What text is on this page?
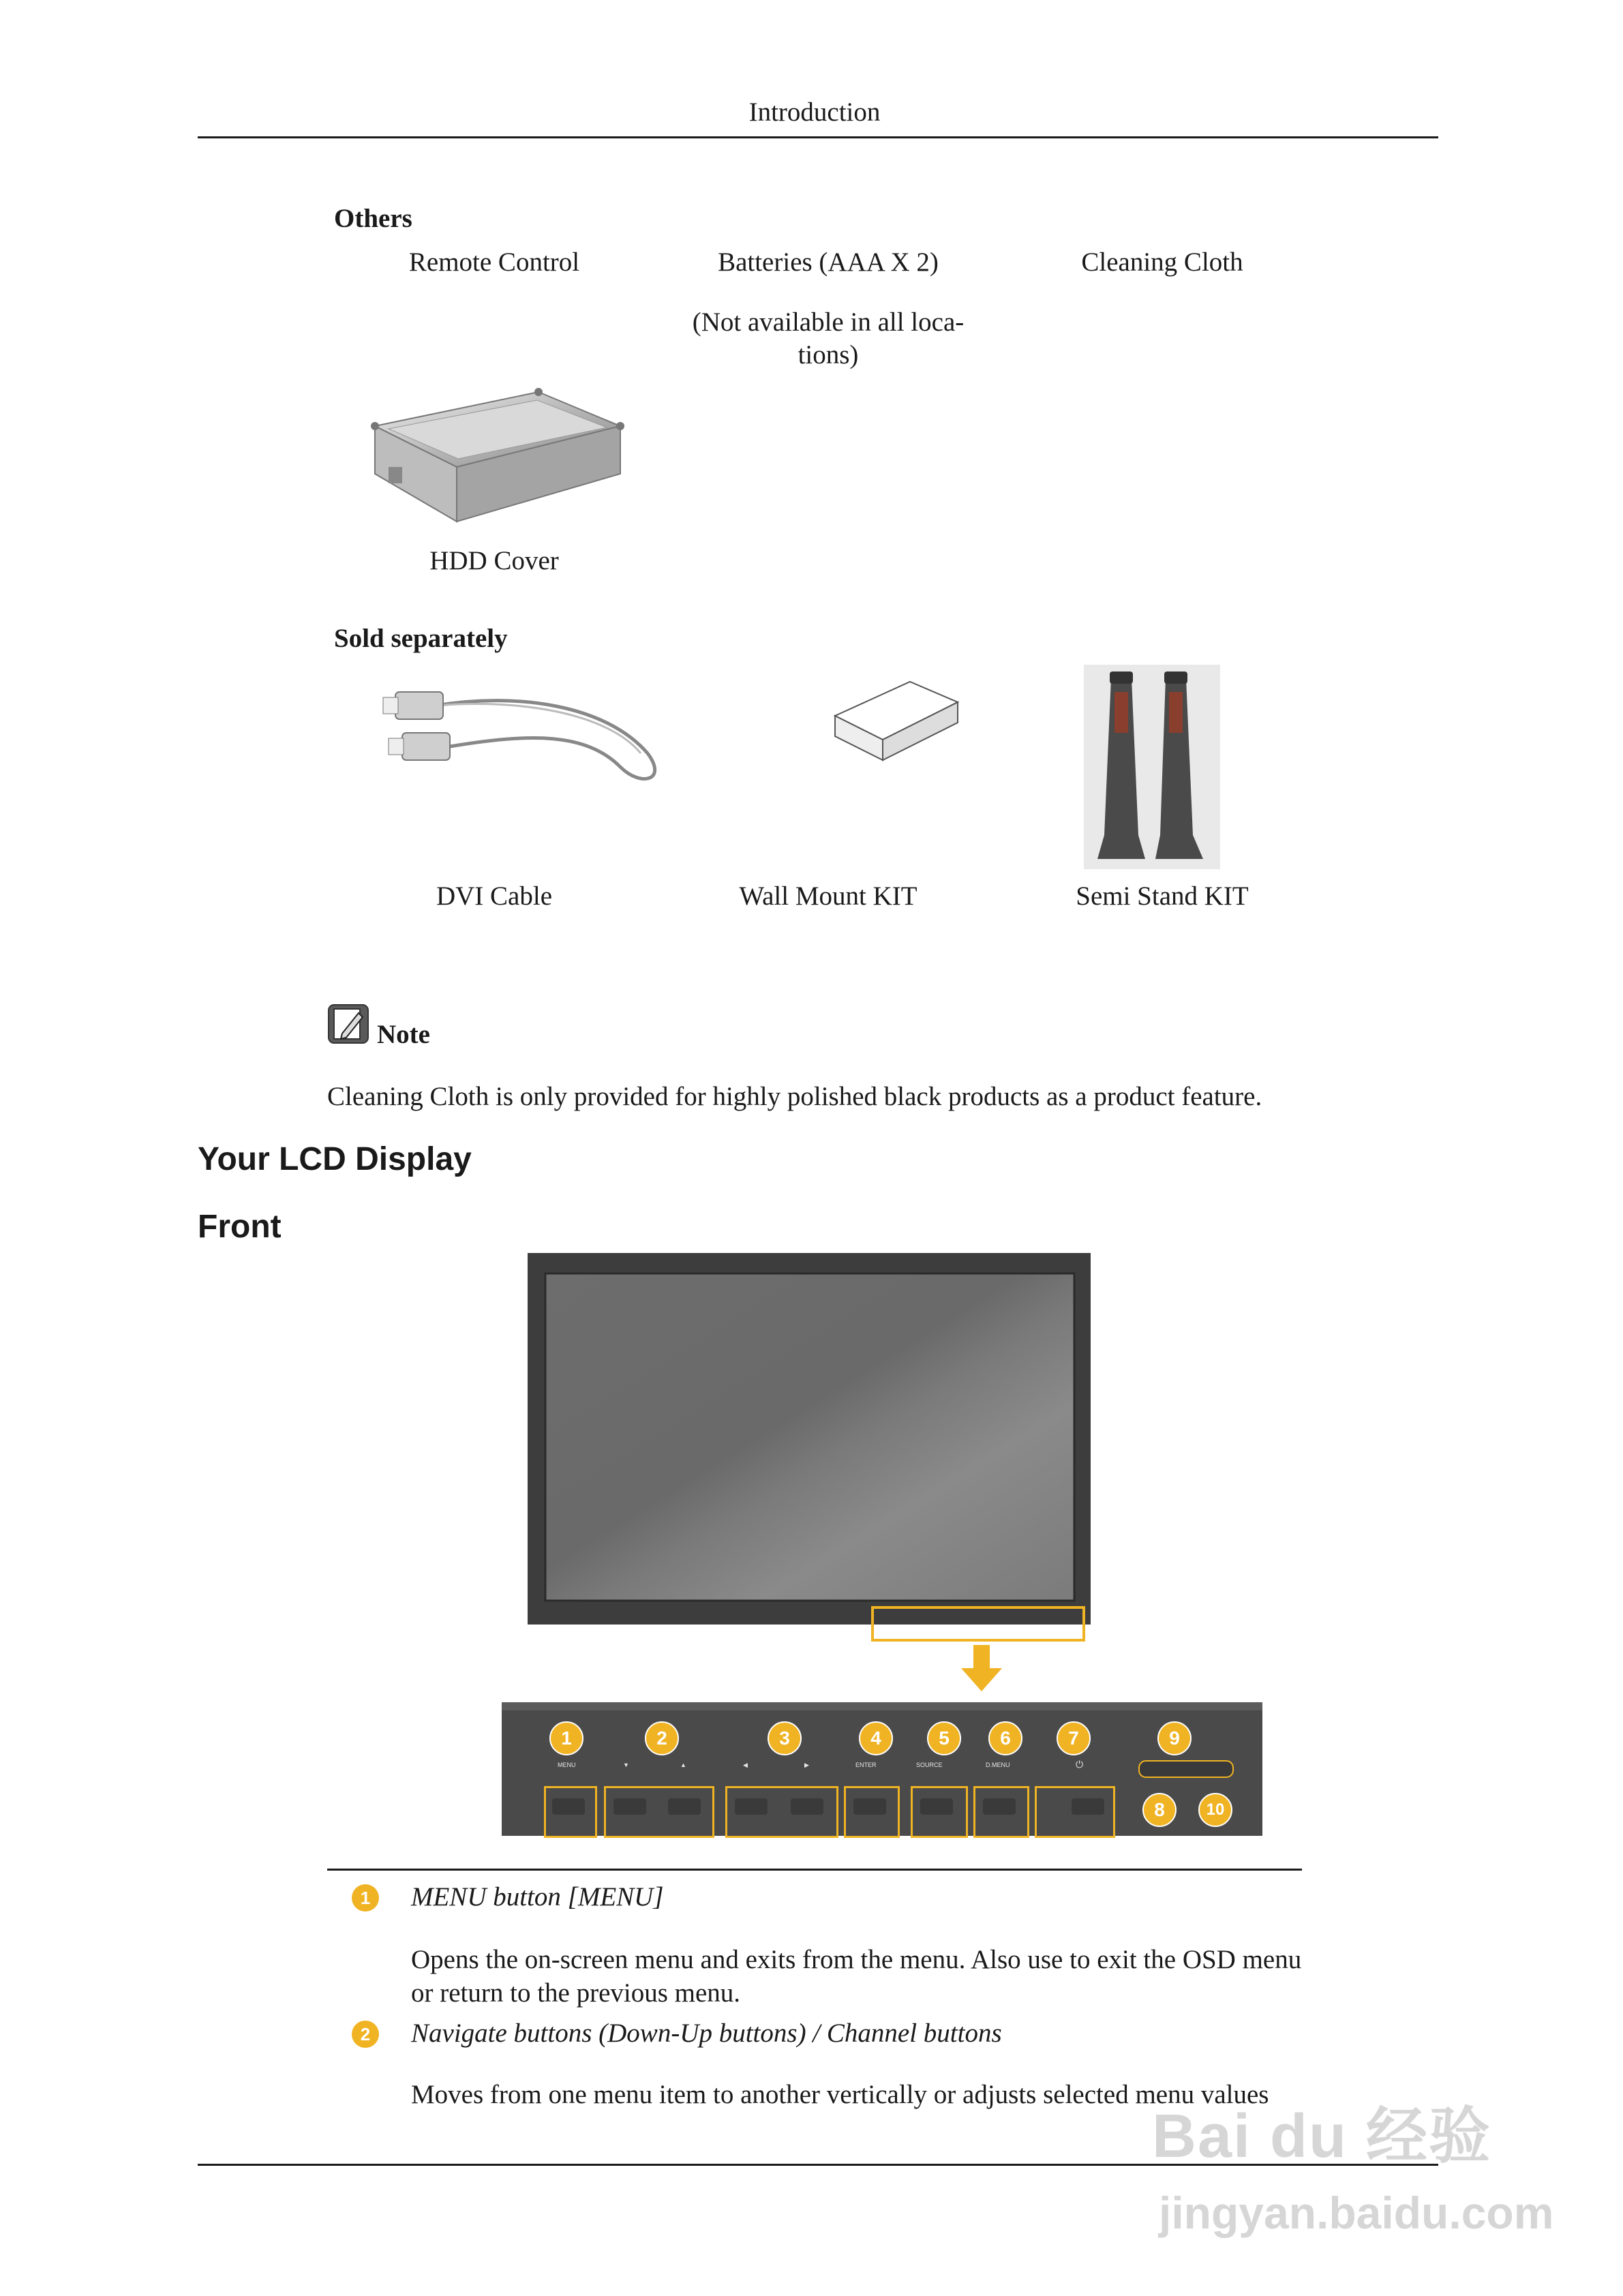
Introduction
Others
Remote Control	Batteries (AAA X 2)	Cleaning Cloth
(Not available in all loca-
tions)
HDD Cover
Sold separately
DVI Cable	Wall Mount KIT	Semi Stand KIT
Note
Cleaning Cloth is only provided for highly polished black products as a product feature.
Your LCD Display
Front
1	2	3	4	5	6	7
8
9
10
MENU	▼	▲	◀	▶	ENTER	SOURCE	D.MENU	⏻
1	MENU button [MENU]
Opens the on-screen menu and exits from the menu. Also use to exit the OSD menu or return to the previous menu.
2	Navigate buttons (Down-Up buttons) / Channel buttons
Moves from one menu item to another vertically or adjusts selected menu values
Bai du 经验
jingyan.baidu.com
